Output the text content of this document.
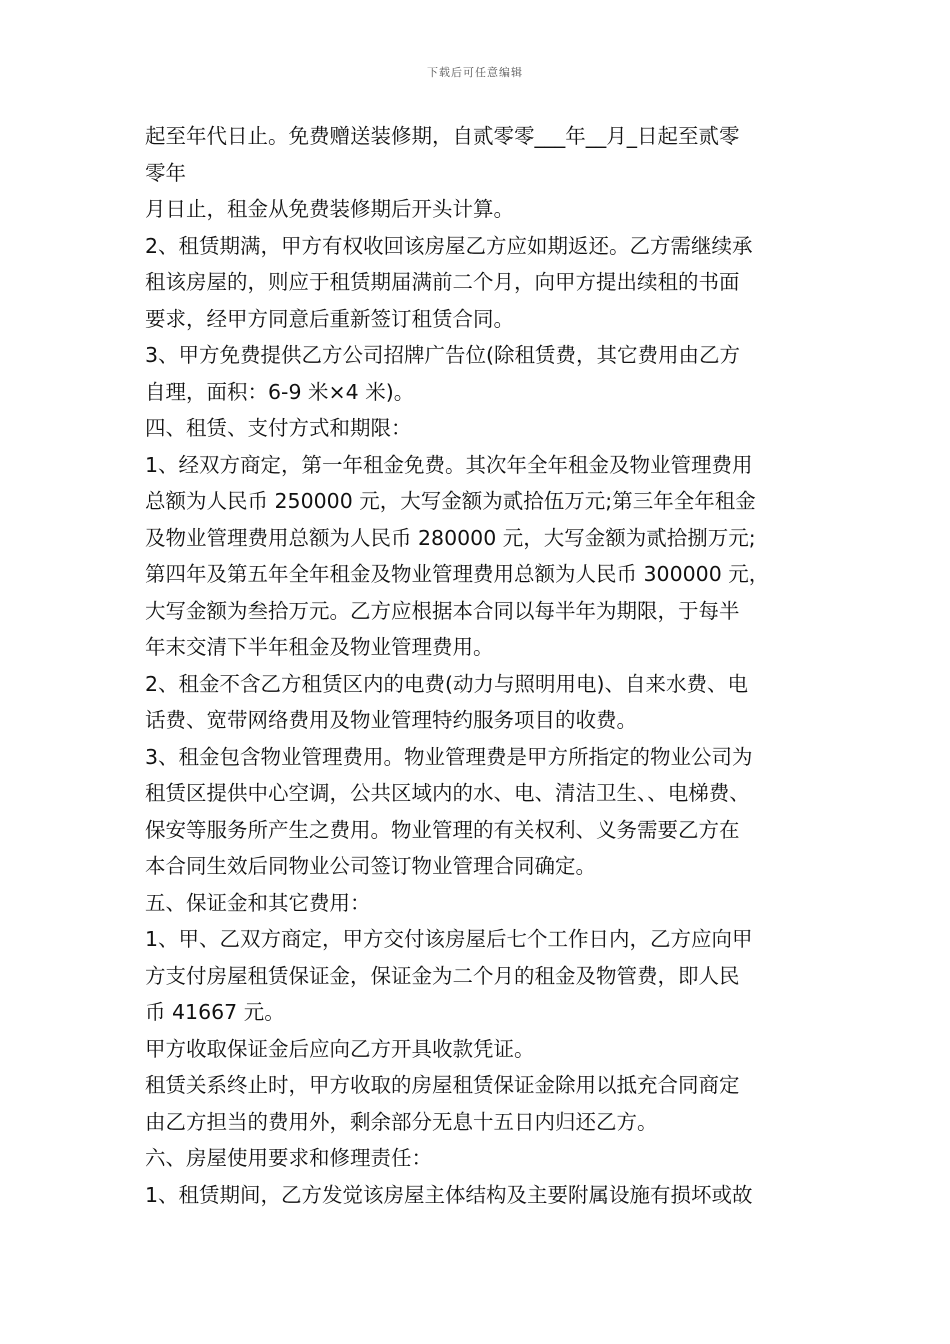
下载后可任意编辑
起至年代日止。免费赠送装修期，自贰零零___年__月_日起至贰零
零年
月日止，租金从免费装修期后开头计算。
2、租赁期满，甲方有权收回该房屋乙方应如期返还。乙方需继续承
租该房屋的，则应于租赁期届满前二个月，向甲方提出续租的书面
要求，经甲方同意后重新签订租赁合同。
3、甲方免费提供乙方公司招牌广告位(除租赁费，其它费用由乙方
自理，面积：6-9 米×4 米)。
四、租赁、支付方式和期限：
1、经双方商定，第一年租金免费。其次年全年租金及物业管理费用
总额为人民币 250000 元，大写金额为贰拾伍万元;第三年全年租金
及物业管理费用总额为人民币 280000 元，大写金额为贰拾捌万元;
第四年及第五年全年租金及物业管理费用总额为人民币 300000 元，
大写金额为叁拾万元。乙方应根据本合同以每半年为期限，于每半
年末交清下半年租金及物业管理费用。
2、租金不含乙方租赁区内的电费(动力与照明用电)、自来水费、电
话费、宽带网络费用及物业管理特约服务项目的收费。
3、租金包含物业管理费用。物业管理费是甲方所指定的物业公司为
租赁区提供中心空调，公共区域内的水、电、清洁卫生、、电梯费、
保安等服务所产生之费用。物业管理的有关权利、义务需要乙方在
本合同生效后同物业公司签订物业管理合同确定。
五、保证金和其它费用：
1、甲、乙双方商定，甲方交付该房屋后七个工作日内，乙方应向甲
方支付房屋租赁保证金，保证金为二个月的租金及物管费，即人民
币 41667 元。
甲方收取保证金后应向乙方开具收款凭证。
租赁关系终止时，甲方收取的房屋租赁保证金除用以抵充合同商定
由乙方担当的费用外，剩余部分无息十五日内归还乙方。
六、房屋使用要求和修理责任：
1、租赁期间，乙方发觉该房屋主体结构及主要附属设施有损坏或故
